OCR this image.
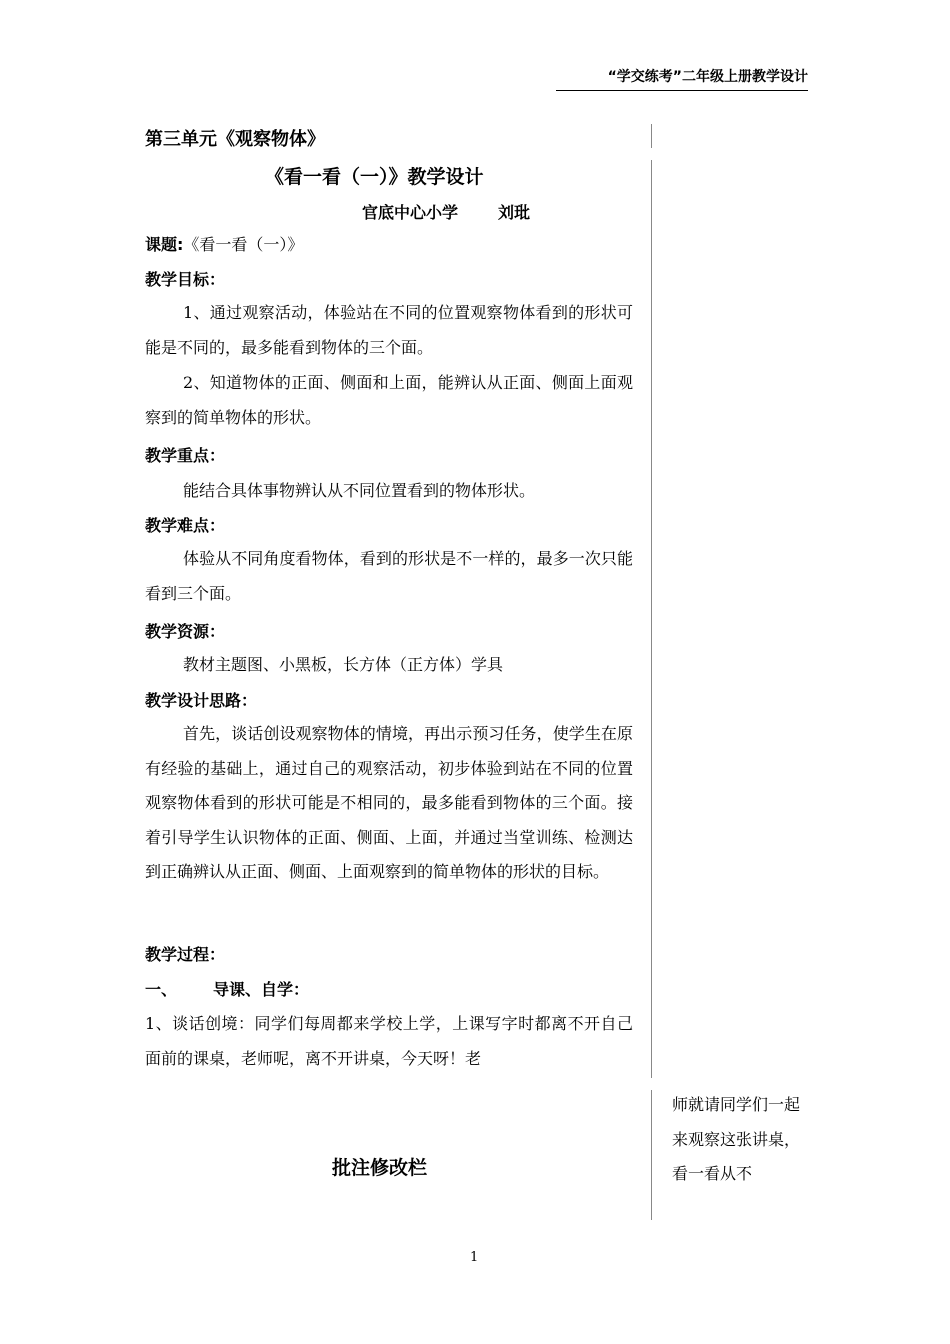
“学交练考”二年级上册教学设计
第三单元《观察物体》
《看一看（一）》教学设计
官底中心小学	刘玭
课题:《看一看（一）》
教学目标：
1、通过观察活动，体验站在不同的位置观察物体看到的形状可能是不同的，最多能看到物体的三个面。
2、知道物体的正面、侧面和上面，能辨认从正面、侧面上面观察到的简单物体的形状。
教学重点：
能结合具体事物辨认从不同位置看到的物体形状。
教学难点：
体验从不同角度看物体，看到的形状是不一样的，最多一次只能看到三个面。
教学资源：
教材主题图、小黑板，长方体（正方体）学具
教学设计思路：
首先，谈话创设观察物体的情境，再出示预习任务，使学生在原有经验的基础上，通过自己的观察活动，初步体验到站在不同的位置观察物体看到的形状可能是不相同的，最多能看到物体的三个面。接着引导学生认识物体的正面、侧面、上面，并通过当堂训练、检测达到正确辨认从正面、侧面、上面观察到的简单物体的形状的目标。
教学过程：
一、 导课、自学：
1、谈话创境：同学们每周都来学校上学，上课写字时都离不开自己面前的课桌，老师呢，离不开讲桌，今天呀！老
师就请同学们一起来观察这张讲桌，看一看从不
批注修改栏
1
